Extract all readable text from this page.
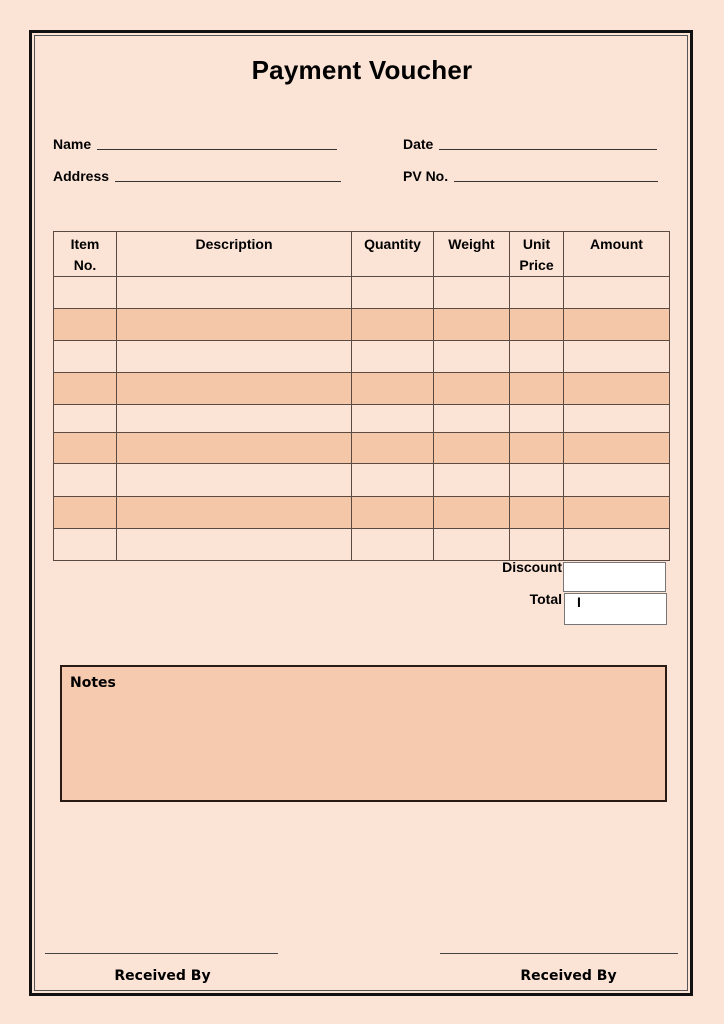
Payment Voucher
Name
Address
Date
PV No.
Item No.	Description	Quantity	Weight	Unit Price	Amount

Discount
Total	I
Notes
Received By	Received By
